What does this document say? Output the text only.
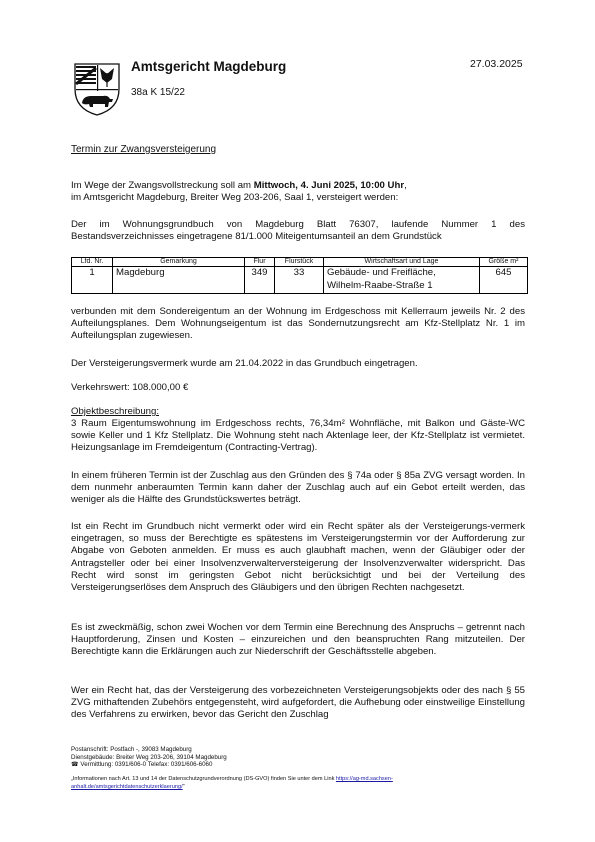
Amtsgericht Magdeburg
38a K 15/22
27.03.2025
Termin zur Zwangsversteigerung

Im Wege der Zwangsvollstreckung soll am Mittwoch, 4. Juni 2025, 10:00 Uhr,
im Amtsgericht Magdeburg, Breiter Weg 203-206, Saal 1, versteigert werden:

Der im Wohnungsgrundbuch von Magdeburg Blatt 76307, laufende Nummer 1 des Bestandsverzeichnisses eingetragene 81/1.000 Miteigentumsanteil an dem Grundstück

Lfd. Nr.	Gemarkung	Flur	Flurstück	Wirtschaftsart und Lage	Größe m²
1	Magdeburg	349	33	Gebäude- und Freifläche,
Wilhelm-Raabe-Straße 1	645

verbunden mit dem Sondereigentum an der Wohnung im Erdgeschoss mit Kellerraum jeweils Nr. 2 des Aufteilungsplanes. Dem Wohnungseigentum ist das Sondernutzungsrecht am Kfz-Stellplatz Nr. 1 im Aufteilungsplan zugewiesen.

Der Versteigerungsvermerk wurde am 21.04.2022 in das Grundbuch eingetragen.

Verkehrswert: 108.000,00 €

Objektbeschreibung:

3 Raum Eigentumswohnung im Erdgeschoss rechts, 76,34m² Wohnfläche, mit Balkon und Gäste-WC sowie Keller und 1 Kfz Stellplatz. Die Wohnung steht nach Aktenlage leer, der Kfz-Stellplatz ist vermietet. Heizungsanlage im Fremdeigentum (Contracting-Vertrag).

In einem früheren Termin ist der Zuschlag aus den Gründen des § 74a oder § 85a ZVG versagt worden. In dem nunmehr anberaumten Termin kann daher der Zuschlag auch auf ein Gebot erteilt werden, das weniger als die Hälfte des Grundstückswertes beträgt.

Ist ein Recht im Grundbuch nicht vermerkt oder wird ein Recht später als der Versteigerungs-vermerk eingetragen, so muss der Berechtigte es spätestens im Versteigerungstermin vor der Aufforderung zur Abgabe von Geboten anmelden. Er muss es auch glaubhaft machen, wenn der Gläubiger oder der Antragsteller oder bei einer Insolvenzverwalterversteigerung der Insolvenzverwalter widerspricht. Das Recht wird sonst im geringsten Gebot nicht berücksichtigt und bei der Verteilung des Versteigerungserlöses dem Anspruch des Gläubigers und den übrigen Rechten nachgesetzt.

Es ist zweckmäßig, schon zwei Wochen vor dem Termin eine Berechnung des Anspruchs – getrennt nach Hauptforderung, Zinsen und Kosten – einzureichen und den beanspruchten Rang mitzuteilen. Der Berechtigte kann die Erklärungen auch zur Niederschrift der Geschäftsstelle abgeben.

Wer ein Recht hat, das der Versteigerung des vorbezeichneten Versteigerungsobjekts oder des nach § 55 ZVG mithaftenden Zubehörs entgegensteht, wird aufgefordert, die Aufhebung oder einstweilige Einstellung des Verfahrens zu erwirken, bevor das Gericht den Zuschlag

Postanschrift: Postfach -, 39083 Magdeburg
Dienstgebäude: Breiter Weg 203-206, 39104 Magdeburg
☎ Vermittlung: 0391/606-0 Telefax: 0391/606-6060
„Informationen nach Art. 13 und 14 der Datenschutzgrundverordnung (DS-GVO) finden Sie unter dem Link https://ag-md.sachsen-
anhalt.de/amtsgerichtdatenschutzerklaerung/"
